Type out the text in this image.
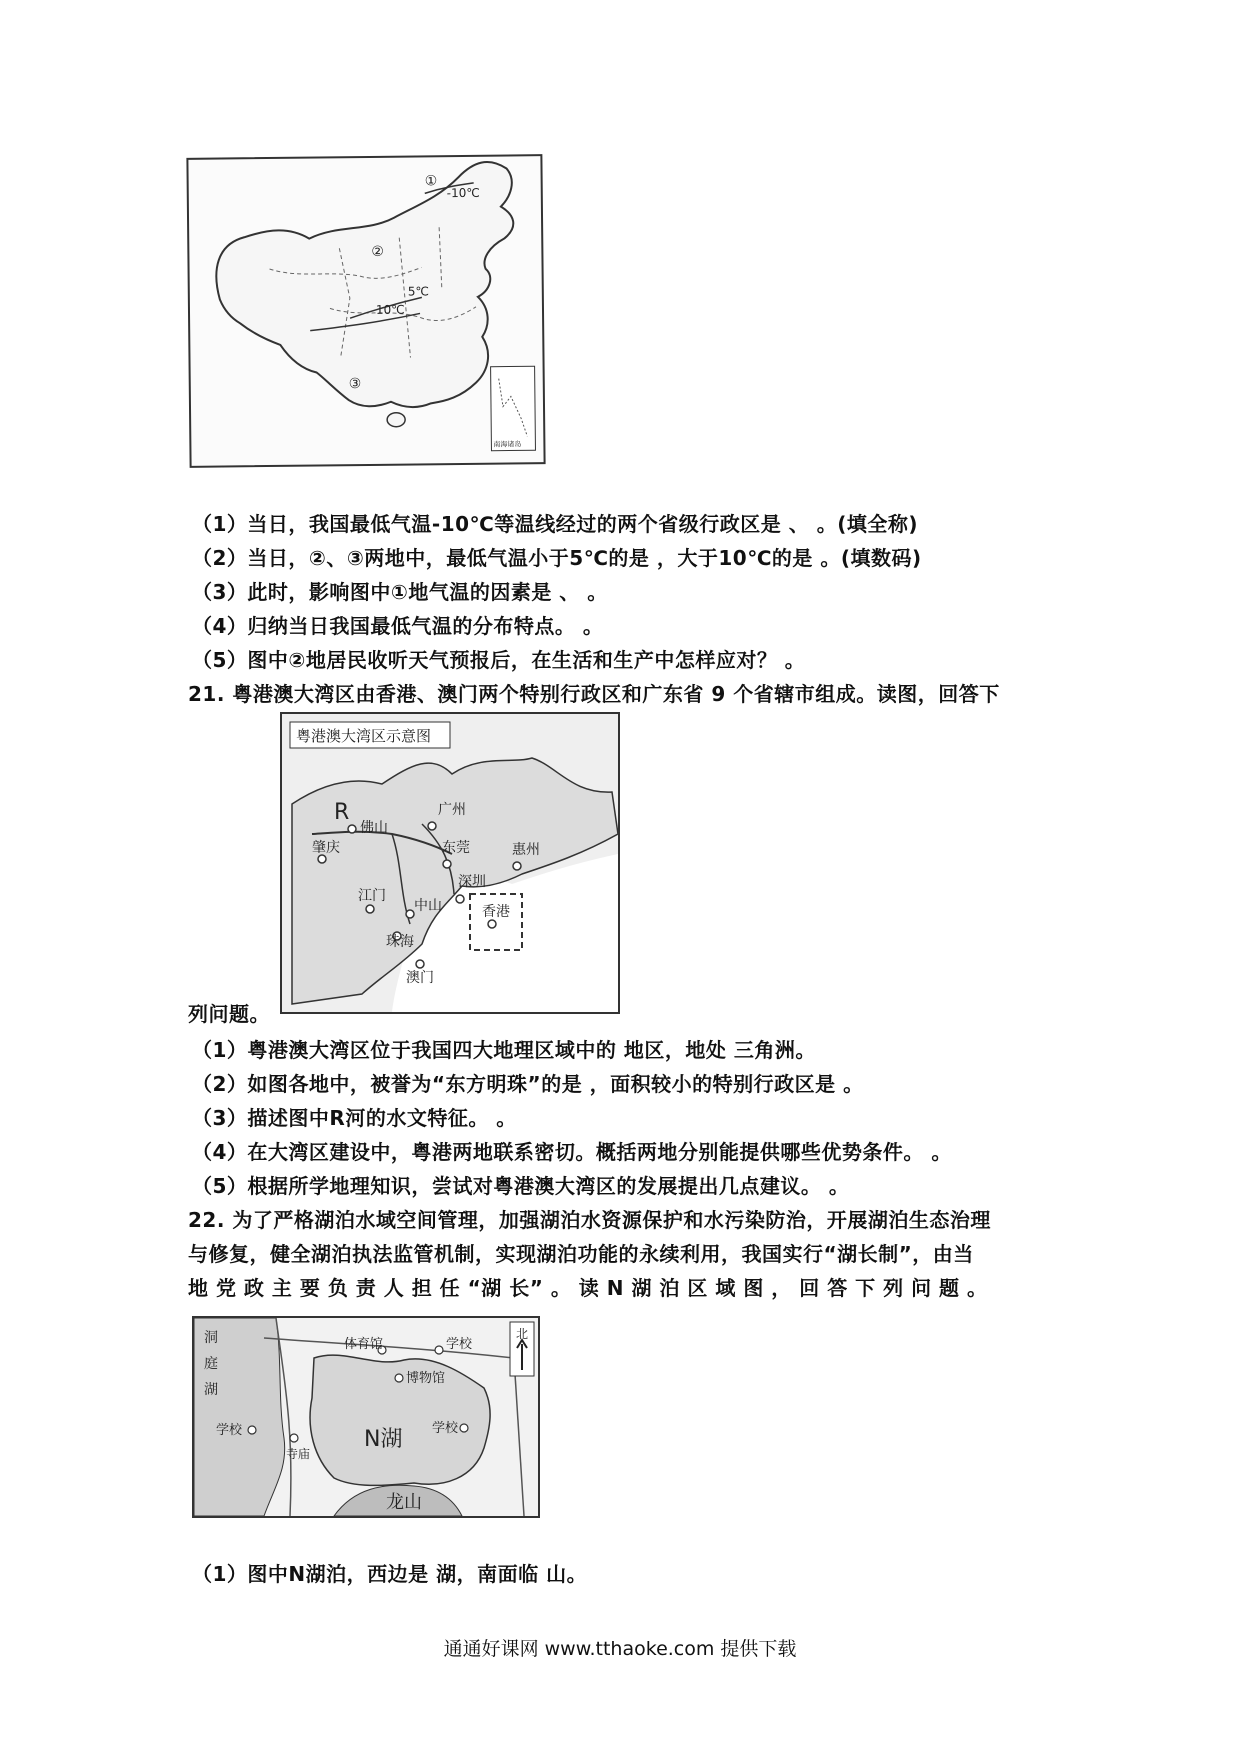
①
-10℃
②
5℃
10℃
③
南海诸岛
（1）当日，我国最低气温-10℃等温线经过的两个省级行政区是 、 。(填全称)
（2）当日，②、③两地中，最低气温小于5℃的是 ，大于10℃的是 。(填数码)
（3）此时，影响图中①地气温的因素是 、 。
（4）归纳当日我国最低气温的分布特点。 。
（5）图中②地居民收听天气预报后，在生活和生产中怎样应对？ 。
21. 粤港澳大湾区由香港、澳门两个特别行政区和广东省 9 个省辖市组成。读图，回答下
粤港澳大湾区示意图
R
佛山
广州
肇庆	东莞	惠州
江门
深圳
中山	香港
珠海
澳门
列问题。
（1）粤港澳大湾区位于我国四大地理区域中的 地区，地处 三角洲。
（2）如图各地中，被誉为“东方明珠”的是 ，面积较小的特别行政区是 。
（3）描述图中R河的水文特征。 。
（4）在大湾区建设中，粤港两地联系密切。概括两地分别能提供哪些优势条件。 。
（5）根据所学地理知识，尝试对粤港澳大湾区的发展提出几点建议。 。
22. 为了严格湖泊水域空间管理，加强湖泊水资源保护和水污染防治，开展湖泊生态治理
与修复，健全湖泊执法监管机制，实现湖泊功能的永续利用，我国实行“湖长制”，由当
地 党 政 主 要 负 责 人 担 任 “湖 长” 。 读 N 湖 泊 区 域 图 ， 回 答 下 列 问 题 。
洞
庭
湖
体育馆	学校
博物馆
学校
N湖
学校
寺庙
龙山
北
（1）图中N湖泊，西边是 湖，南面临 山。
通通好课网 www.tthaoke.com 提供下载
